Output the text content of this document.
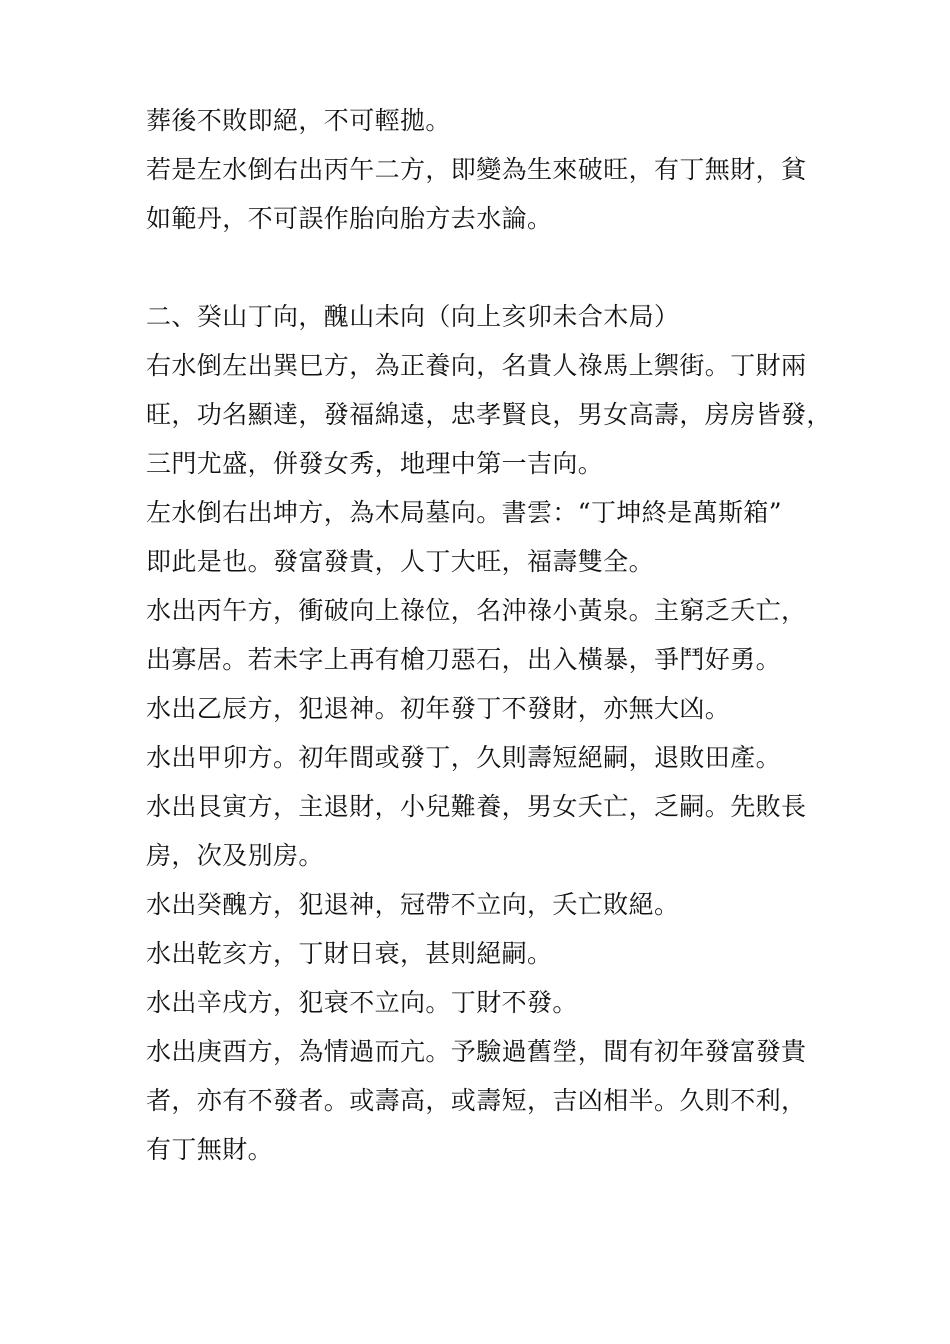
葬後不敗即絕，不可輕拋。
若是左水倒右出丙午二方，即變為生來破旺，有丁無財，貧
如範丹，不可誤作胎向胎方去水論。
二、癸山丁向，醜山未向（向上亥卯未合木局）
右水倒左出巽巳方，為正養向，名貴人祿馬上禦街。丁財兩
旺，功名顯達，發福綿遠，忠孝賢良，男女高壽，房房皆發，
三門尤盛，併發女秀，地理中第一吉向。
左水倒右出坤方，為木局墓向。書雲：“丁坤終是萬斯箱”
即此是也。發富發貴，人丁大旺，福壽雙全。
水出丙午方，衝破向上祿位，名沖祿小黃泉。主窮乏夭亡，
出寡居。若未字上再有槍刀惡石，出入橫暴，爭鬥好勇。
水出乙辰方，犯退神。初年發丁不發財，亦無大凶。
水出甲卯方。初年間或發丁，久則壽短絕嗣，退敗田產。
水出艮寅方，主退財，小兒難養，男女夭亡，乏嗣。先敗長
房，次及別房。
水出癸醜方，犯退神，冠帶不立向，夭亡敗絕。
水出乾亥方，丁財日衰，甚則絕嗣。
水出辛戌方，犯衰不立向。丁財不發。
水出庚酉方，為情過而亢。予驗過舊塋，間有初年發富發貴
者，亦有不發者。或壽高，或壽短，吉凶相半。久則不利，
有丁無財。
